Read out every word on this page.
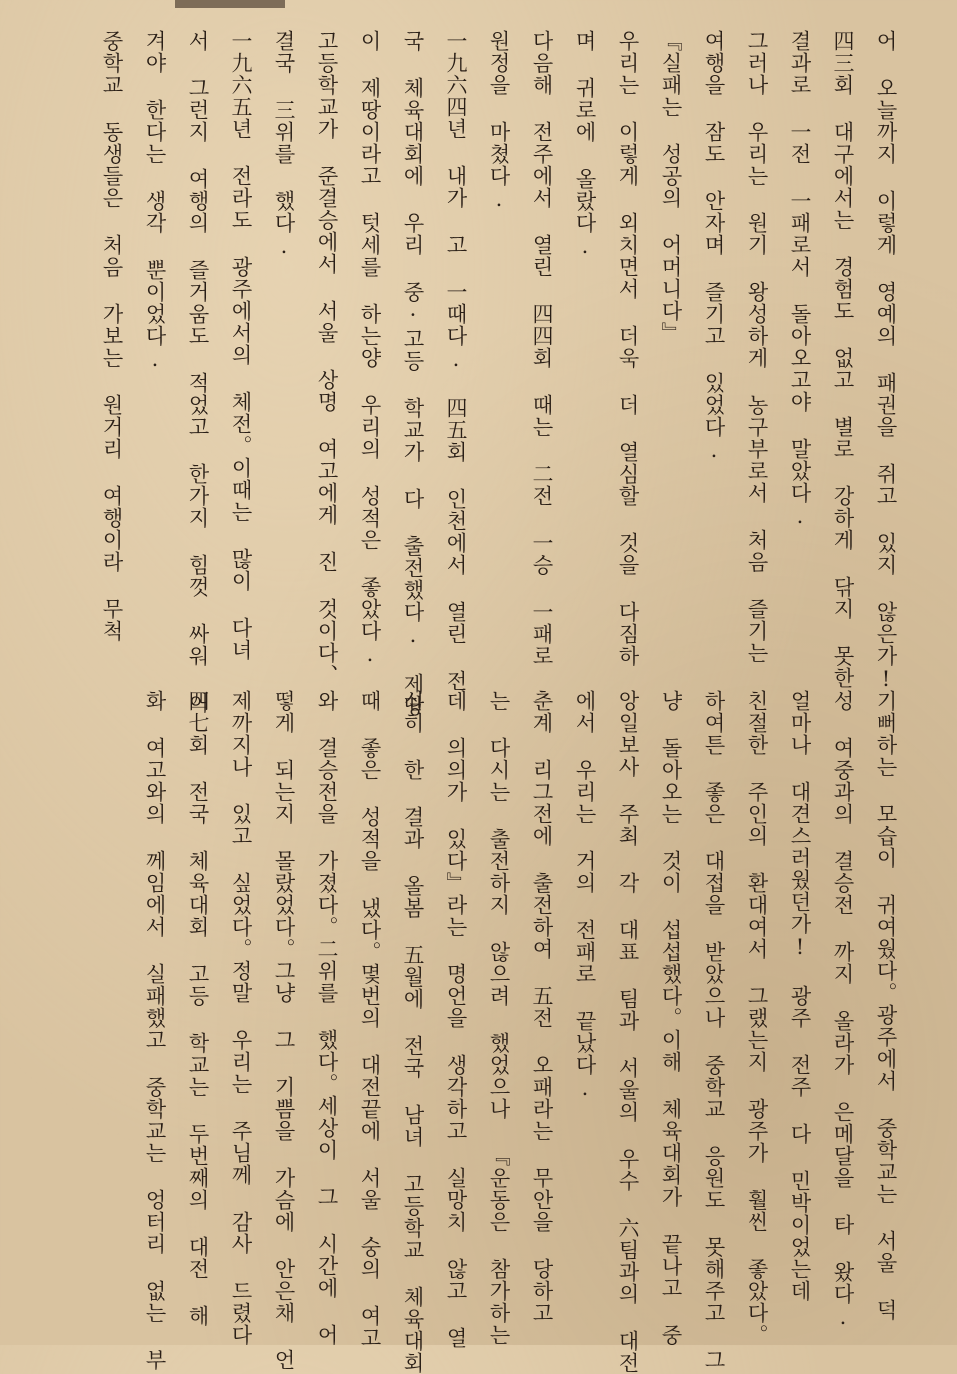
어 오늘까지 이렇게 영예의 패권을 쥐고 있지 않은가!
四三회 대구에서는 경험도 없고 별로 강하게 닦지 못한
결과로 一전 一패로서 돌아오고야 말았다.
그러나 우리는 원기 왕성하게 농구부로서 처음 즐기는
여행을 잠도 안자며 즐기고 있었다.
『실패는 성공의 어머니다』
우리는 이렇게 외치면서 더욱 더 열심할 것을 다짐하
며 귀로에 올랐다.
다음해 전주에서 열린 四四회 때는 二전 一승 一패로
원정을 마쳤다.
一九六四년 내가 고 一때다. 四五회 인천에서 열린 전
국 체육대회에 우리 중·고등 학교가 다 출전했다. 제땅
이 제땅이라고 텃세를 하는양 우리의 성적은 좋았다.
고등학교가 준결승에서 서울 상명 여고에게 진 것이다、
결국 三위를 했다.
一九六五년 전라도 광주에서의 체전。이때는 많이 다녀
서 그런지 여행의 즐거움도 적었고 한가지 힘껏 싸워 이
겨야 한다는 생각 뿐이었다.
중학교 동생들은 처음 가보는 원거리 여행이라 무척
기뻐하는 모습이 귀여웠다。광주에서 중학교는 서울 덕
성 여중과의 결승전 까지 올라가 은메달을 타 왔다.
얼마나 대견스러웠던가! 광주 전주 다 민박이었는데
친절한 주인의 환대여서 그랬는지 광주가 훨씬 좋았다。
하여튼 좋은 대접을 받았으나 중학교 응원도 못해주고 그
냥 돌아오는 것이 섭섭했다。이해 체육대회가 끝나고 중
앙일보사 주최 각 대표 팀과 서울의 우수 六팀과의 대전
에서 우리는 거의 전패로 끝났다.
춘계 리그전에 출전하여 五전 오패라는 무안을 당하고
는 다시는 출전하지 않으려 했었으나 『운동은 참가하는
데 의의가 있다』라는 명언을 생각하고 실망치 않고 열
심히 한 결과 올봄 五월에 전국 남녀 고등학교 체육대회
때 좋은 성적을 냈다。몇번의 대전끝에 서울 숭의 여고
와 결승전을 가졌다。二위를 했다。세상이 그 시간에 어
떻게 되는지 몰랐었다。그냥 그 기쁨을 가슴에 안은채 언
제까지나 있고 싶었다。정말 우리는 주님께 감사 드렸다
四七회 전국 체육대회 고등 학교는 두번째의 대전 해
화 여고와의 께임에서 실패했고 중학교는 엉터리 없는 부
